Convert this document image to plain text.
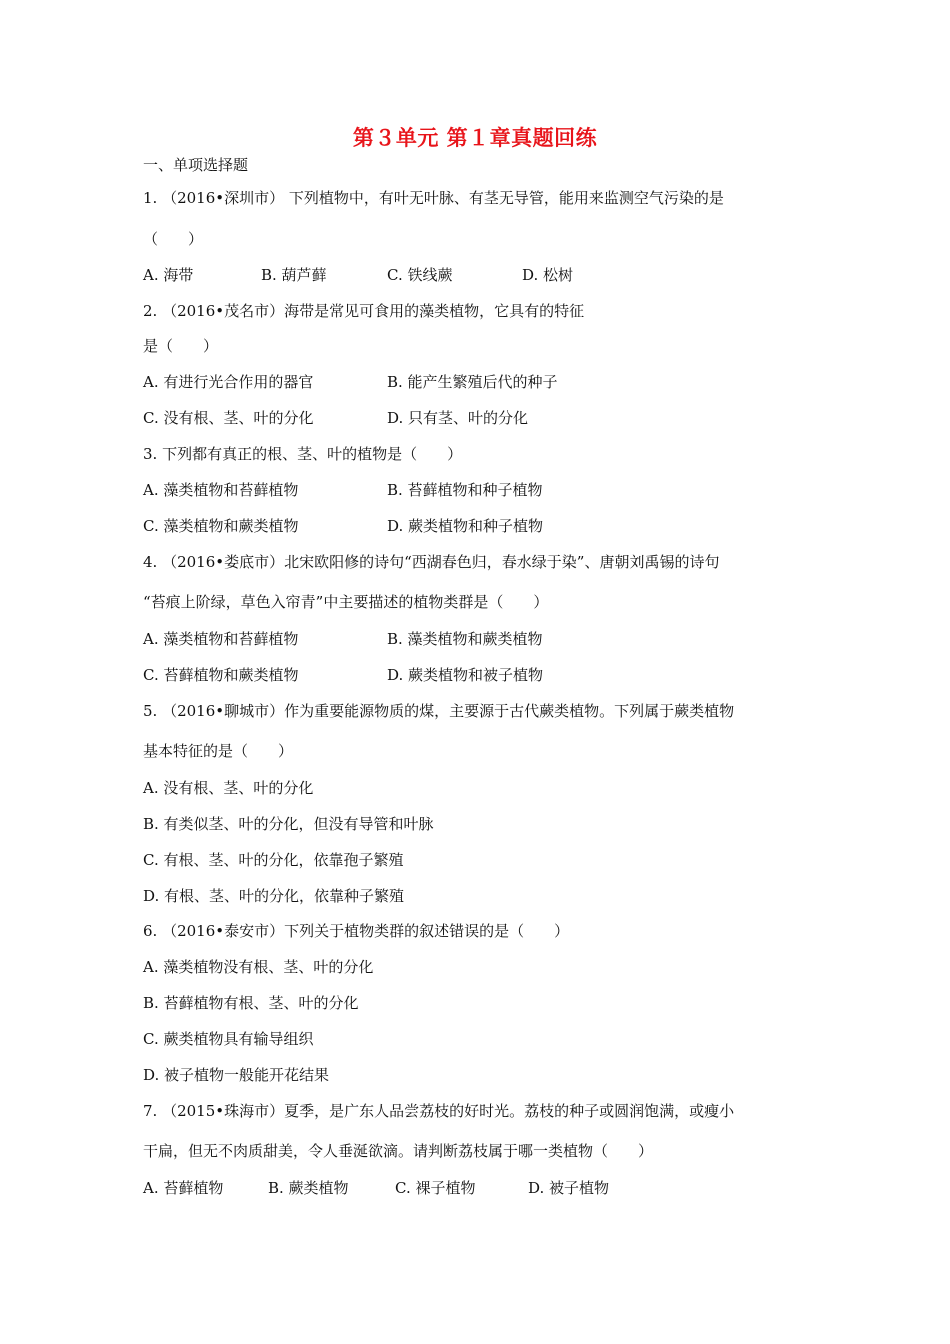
第３单元 第１章真题回练
一、单项选择题
1. （2016•深圳市） 下列植物中，有叶无叶脉、有茎无导管，能用来监测空气污染的是
（　　）
A. 海带	B. 葫芦藓	C. 铁线蕨	D. 松树
2. （2016•茂名市）海带是常见可食用的藻类植物，它具有的特征
是（　　）
A. 有进行光合作用的器官	B. 能产生繁殖后代的种子
C. 没有根、茎、叶的分化	D. 只有茎、叶的分化
3. 下列都有真正的根、茎、叶的植物是（　　）
A. 藻类植物和苔藓植物	B. 苔藓植物和种子植物
C. 藻类植物和蕨类植物	D. 蕨类植物和种子植物
4. （2016•娄底市）北宋欧阳修的诗句“西湖春色归，春水绿于染”、唐朝刘禹锡的诗句
“苔痕上阶绿，草色入帘青”中主要描述的植物类群是（　　）
A. 藻类植物和苔藓植物	B. 藻类植物和蕨类植物
C. 苔藓植物和蕨类植物	D. 蕨类植物和被子植物
5. （2016•聊城市）作为重要能源物质的煤，主要源于古代蕨类植物。下列属于蕨类植物
基本特征的是（　　）
A. 没有根、茎、叶的分化
B. 有类似茎、叶的分化，但没有导管和叶脉
C. 有根、茎、叶的分化，依靠孢子繁殖
D. 有根、茎、叶的分化，依靠种子繁殖
6. （2016•泰安市）下列关于植物类群的叙述错误的是（　　）
A. 藻类植物没有根、茎、叶的分化
B. 苔藓植物有根、茎、叶的分化
C. 蕨类植物具有输导组织
D. 被子植物一般能开花结果
7. （2015•珠海市）夏季，是广东人品尝荔枝的好时光。荔枝的种子或圆润饱满，或瘦小
干扁，但无不肉质甜美，令人垂涎欲滴。请判断荔枝属于哪一类植物（　　）
A. 苔藓植物	B. 蕨类植物	C. 裸子植物	D. 被子植物
